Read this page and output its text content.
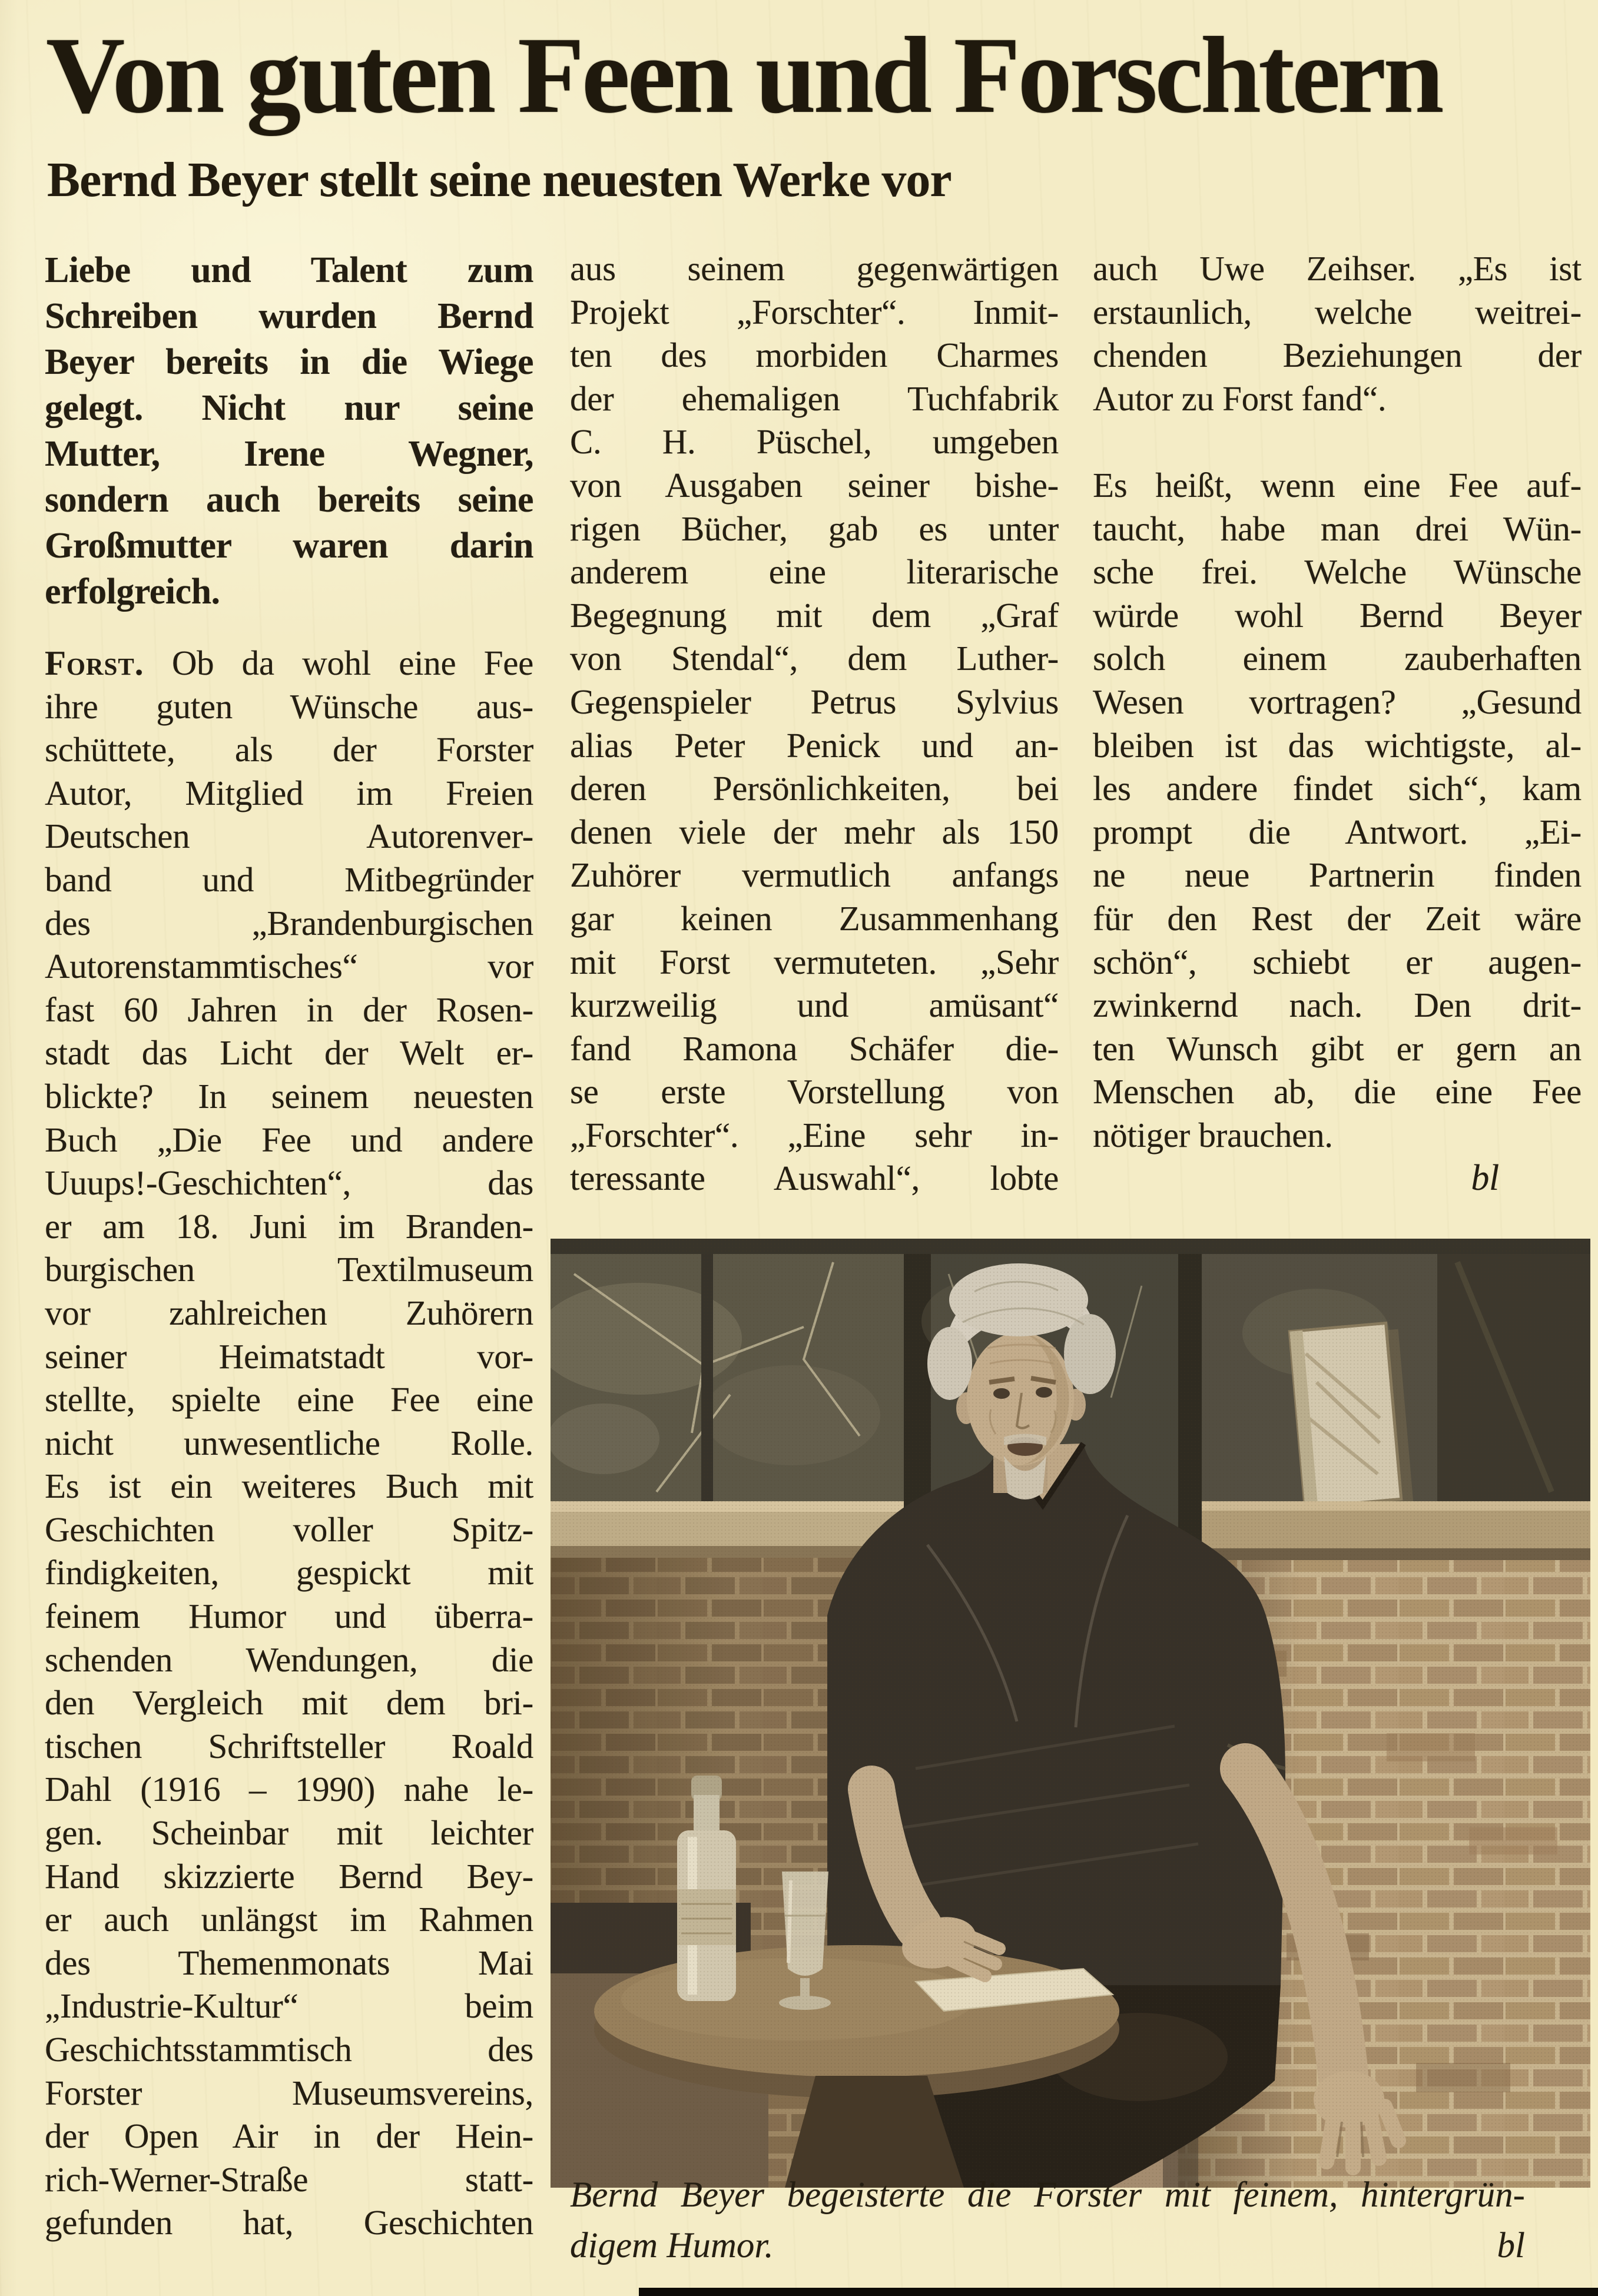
Von guten Feen und Forschtern
Bernd Beyer stellt seine neuesten Werke vor
Liebe und Talent zum
Schreiben wurden Bernd
Beyer bereits in die Wiege
gelegt. Nicht nur seine
Mutter, Irene Wegner,
sondern auch bereits seine
Großmutter waren darin
erfolgreich.
Forst. Ob da wohl eine Fee
ihre guten Wünsche aus-
schüttete, als der Forster
Autor, Mitglied im Freien
Deutschen Autorenver-
band und Mitbegründer
des „Brandenburgischen
Autorenstammtisches“ vor
fast 60 Jahren in der Rosen-
stadt das Licht der Welt er-
blickte? In seinem neuesten
Buch „Die Fee und andere
Uuups!-Geschichten“, das
er am 18. Juni im Branden-
burgischen Textilmuseum
vor zahlreichen Zuhörern
seiner Heimatstadt vor-
stellte, spielte eine Fee eine
nicht unwesentliche Rolle.
Es ist ein weiteres Buch mit
Geschichten voller Spitz-
findigkeiten, gespickt mit
feinem Humor und überra-
schenden Wendungen, die
den Vergleich mit dem bri-
tischen Schriftsteller Roald
Dahl (1916 – 1990) nahe le-
gen. Scheinbar mit leichter
Hand skizzierte Bernd Bey-
er auch unlängst im Rahmen
des Themenmonats Mai
„Industrie-Kultur“ beim
Geschichtsstammtisch des
Forster Museumsvereins,
der Open Air in der Hein-
rich-Werner-Straße statt-
gefunden hat, Geschichten
aus seinem gegenwärtigen
Projekt „Forschter“. Inmit-
ten des morbiden Charmes
der ehemaligen Tuchfabrik
C. H. Püschel, umgeben
von Ausgaben seiner bishe-
rigen Bücher, gab es unter
anderem eine literarische
Begegnung mit dem „Graf
von Stendal“, dem Luther-
Gegenspieler Petrus Sylvius
alias Peter Penick und an-
deren Persönlichkeiten, bei
denen viele der mehr als 150
Zuhörer vermutlich anfangs
gar keinen Zusammenhang
mit Forst vermuteten. „Sehr
kurzweilig und amüsant“
fand Ramona Schäfer die-
se erste Vorstellung von
„Forschter“. „Eine sehr in-
teressante Auswahl“, lobte
auch Uwe Zeihser. „Es ist
erstaunlich, welche weitrei-
chenden Beziehungen der
Autor zu Forst fand“.
Es heißt, wenn eine Fee auf-
taucht, habe man drei Wün-
sche frei. Welche Wünsche
würde wohl Bernd Beyer
solch einem zauberhaften
Wesen vortragen? „Gesund
bleiben ist das wichtigste, al-
les andere findet sich“, kam
prompt die Antwort. „Ei-
ne neue Partnerin finden
für den Rest der Zeit wäre
schön“, schiebt er augen-
zwinkernd nach. Den drit-
ten Wunsch gibt er gern an
Menschen ab, die eine Fee
nötiger brauchen.
bl
Bernd Beyer begeisterte die Forster mit feinem, hintergrün-
digem Humor.	bl
